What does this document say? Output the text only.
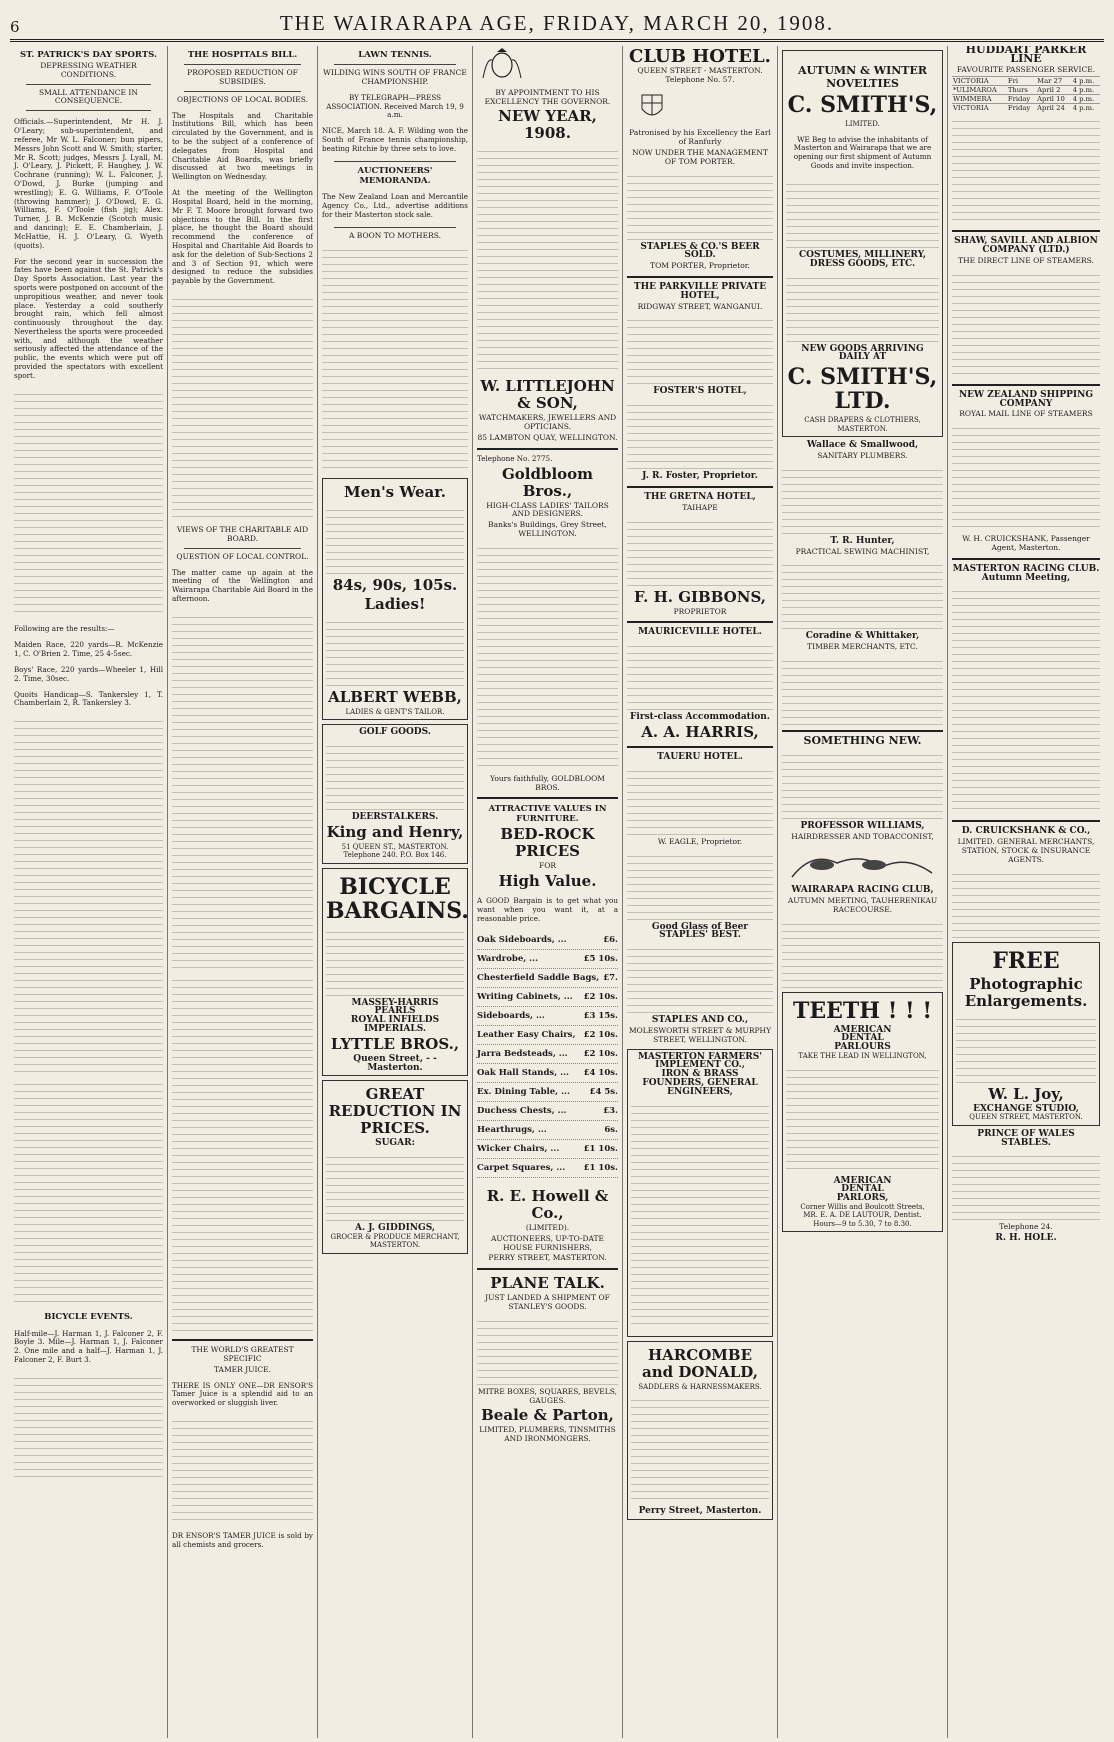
6	THE WAIRARAPA AGE, FRIDAY, MARCH 20, 1908.
ST. PATRICK'S DAY SPORTS.
DEPRESSING WEATHER CONDITIONS.
SMALL ATTENDANCE IN CONSEQUENCE.

Officials.—Superintendent, Mr H. J. O'Leary; sub-superintendent, and referee, Mr W. L. Falconer; bun pipers, Messrs John Scott and W. Smith; starter, Mr R. Scott; judges, Messrs J. Lyall, M. J. O'Leary, J. Pickett, F. Haughey, J. W. Cochrane (running); W. L. Falconer, J. O'Dowd, J. Burke (jumping and wrestling); E. G. Williams, F. O'Toole (throwing hammer); J. O'Dowd, E. G. Williams, F. O'Toole (fish jig); Alex. Turner, J. B. McKenzie (Scotch music and dancing); E. E. Chamberlain, J. McHattie, H. J. O'Leary, G. Wyeth (quoits).

For the second year in succession the fates have been against the St. Patrick's Day Sports Association. Last year the sports were postponed on account of the unpropitious weather, and never took place. Yesterday a cold southerly brought rain, which fell almost continuously throughout the day. Nevertheless the sports were proceeded with, and although the weather seriously affected the attendance of the public, the events which were put off provided the spectators with excellent sport.

Following are the results:—

Maiden Race, 220 yards—R. McKenzie 1, C. O'Brien 2. Time, 25 4-5sec.

Boys' Race, 220 yards—Wheeler 1, Hill 2. Time, 30sec.

Quoits Handicap—S. Tankersley 1, T. Chamberlain 2, R. Tankersley 3.

BICYCLE EVENTS.

Half-mile—J. Harman 1, J. Falconer 2, F. Boyle 3. Mile—J. Harman 1, J. Falconer 2. One mile and a half—J. Harman 1, J. Falconer 2, F. Burt 3.

THE HOSPITALS BILL.
PROPOSED REDUCTION OF SUBSIDIES.
OBJECTIONS OF LOCAL BODIES.

The Hospitals and Charitable Institutions Bill, which has been circulated by the Government, and is to be the subject of a conference of delegates from Hospital and Charitable Aid Boards, was briefly discussed at two meetings in Wellington on Wednesday.

At the meeting of the Wellington Hospital Board, held in the morning, Mr F. T. Moore brought forward two objections to the Bill. In the first place, he thought the Board should recommend the conference of Hospital and Charitable Aid Boards to ask for the deletion of Sub-Sections 2 and 3 of Section 91, which were designed to reduce the subsidies payable by the Government.

VIEWS OF THE CHARITABLE AID BOARD.
QUESTION OF LOCAL CONTROL.

The matter came up again at the meeting of the Wellington and Wairarapa Charitable Aid Board in the afternoon.

THE WORLD'S GREATEST SPECIFIC
TAMER JUICE.

THERE IS ONLY ONE—DR ENSOR'S Tamer Juice is a splendid aid to an overworked or sluggish liver.

DR ENSOR'S TAMER JUICE is sold by all chemists and grocers.

LAWN TENNIS.
WILDING WINS SOUTH OF FRANCE CHAMPIONSHIP.

BY TELEGRAPH—PRESS ASSOCIATION. Received March 19, 9 a.m.

NICE, March 18. A. F. Wilding won the South of France tennis championship, beating Ritchie by three sets to love.

AUCTIONEERS' MEMORANDA.

The New Zealand Loan and Mercantile Agency Co., Ltd., advertise additions for their Masterton stock sale.

A BOON TO MOTHERS.
Men's Wear.
84s, 90s, 105s.
Ladies!
ALBERT WEBB,
LADIES & GENT'S TAILOR.
GOLF GOODS.
DEERSTALKERS.
King and Henry,
51 QUEEN ST., MASTERTON.
Telephone 240. P.O. Box 146.
BICYCLE BARGAINS.
MASSEY-HARRIS
PEARLS
ROYAL INFIELDS
IMPERIALS.
LYTTLE BROS.,
Queen Street, - - Masterton.
GREAT REDUCTION IN PRICES.
SUGAR:
A. J. GIDDINGS,
GROCER & PRODUCE MERCHANT, MASTERTON.
BY APPOINTMENT TO HIS EXCELLENCY THE GOVERNOR.
NEW YEAR, 1908.
W. LITTLEJOHN & SON,
WATCHMAKERS, JEWELLERS AND OPTICIANS.
85 LAMBTON QUAY, WELLINGTON.
Telephone No. 2775.
Goldbloom Bros.,
HIGH-CLASS LADIES' TAILORS AND DESIGNERS.
Banks's Buildings, Grey Street, WELLINGTON.
Yours faithfully, GOLDBLOOM BROS.
ATTRACTIVE VALUES IN FURNITURE.
BED-ROCK PRICES
FOR
High Value.

A GOOD Bargain is to get what you want when you want it, at a reasonable price.

Oak Sideboards, ...	£6.
Wardrobe, ...	£5 10s.
Chesterfield Saddle Bags, £7.
Writing Cabinets, ... £2 10s.
Sideboards, ...	£3 15s.
Leather Easy Chairs, £2 10s.
Jarra Bedsteads, ... £2 10s.
Oak Hall Stands, ... £4 10s.
Ex. Dining Table, ... £4 5s.
Duchess Chests, ...	£3.
Hearthrugs, ...	6s.
Wicker Chairs, ...	£1 10s.
Carpet Squares, ... £1 10s.
R. E. Howell & Co.,
(LIMITED).
AUCTIONEERS, UP-TO-DATE HOUSE FURNISHERS,
PERRY STREET, MASTERTON.
PLANE TALK.
JUST LANDED A SHIPMENT OF STANLEY'S GOODS.
MITRE BOXES, SQUARES, BEVELS, GAUGES.
Beale & Parton,
LIMITED, PLUMBERS, TINSMITHS AND IRONMONGERS.
CLUB HOTEL.
QUEEN STREET - MASTERTON. Telephone No. 57.
Patronised by his Excellency the Earl of Ranfurly
NOW UNDER THE MANAGEMENT OF TOM PORTER.
STAPLES & CO.'S BEER SOLD.
TOM PORTER, Proprietor.
THE PARKVILLE PRIVATE HOTEL,
RIDGWAY STREET, WANGANUI.
FOSTER'S HOTEL,
J. R. Foster, Proprietor.
THE GRETNA HOTEL,
TAIHAPE
F. H. GIBBONS,
PROPRIETOR
MAURICEVILLE HOTEL.
First-class Accommodation.
A. A. HARRIS,
TAUERU HOTEL.
W. EAGLE, Proprietor.
Good Glass of Beer
STAPLES' BEST.
STAPLES AND CO.,
MOLESWORTH STREET & MURPHY STREET, WELLINGTON.
MASTERTON FARMERS' IMPLEMENT CO.,
IRON & BRASS FOUNDERS, GENERAL ENGINEERS,
HARCOMBE and DONALD,
SADDLERS & HARNESSMAKERS.
Perry Street, Masterton.
AUTUMN & WINTER NOVELTIES
C. SMITH'S,
LIMITED.

WE Beg to advise the inhabitants of Masterton and Wairarapa that we are opening our first shipment of Autumn Goods and invite inspection.

COSTUMES, MILLINERY, DRESS GOODS, ETC.
NEW GOODS ARRIVING DAILY AT
C. SMITH'S, LTD.
CASH DRAPERS & CLOTHIERS,
MASTERTON.
Wallace & Smallwood,
SANITARY PLUMBERS.
T. R. Hunter,
PRACTICAL SEWING MACHINIST,
Coradine & Whittaker,
TIMBER MERCHANTS, ETC.
SOMETHING NEW.
PROFESSOR WILLIAMS,
HAIRDRESSER AND TOBACCONIST,
WAIRARAPA RACING CLUB,
AUTUMN MEETING, TAUHERENIKAU RACECOURSE.
TEETH ! ! !
AMERICAN
DENTAL
PARLOURS
TAKE THE LEAD IN WELLINGTON,
AMERICAN
DENTAL
PARLORS,
Corner Willis and Boulcott Streets,
MR. E. A. DE LAUTOUR, Dentist.
Hours—9 to 5.30, 7 to 8.30.
HUDDART PARKER LINE
FAVOURITE PASSENGER SERVICE.
VICTORIA	Fri	Mar 27	4 p.m.
*ULIMAROA	Thurs	April 2	4 p.m.
WIMMERA	Friday	April 10	4 p.m.
VICTORIA	Friday	April 24	4 p.m.
SHAW, SAVILL AND ALBION COMPANY (LTD.)
THE DIRECT LINE OF STEAMERS.
NEW ZEALAND SHIPPING COMPANY
ROYAL MAIL LINE OF STEAMERS
W. H. CRUICKSHANK, Passenger Agent, Masterton.
MASTERTON RACING CLUB.
Autumn Meeting,
D. CRUICKSHANK & CO.,
LIMITED. GENERAL MERCHANTS, STATION, STOCK & INSURANCE AGENTS.
FREE
Photographic Enlargements.
W. L. Joy,
EXCHANGE STUDIO,
QUEEN STREET, MASTERTON.
PRINCE OF WALES STABLES.
Telephone 24.
R. H. HOLE.
